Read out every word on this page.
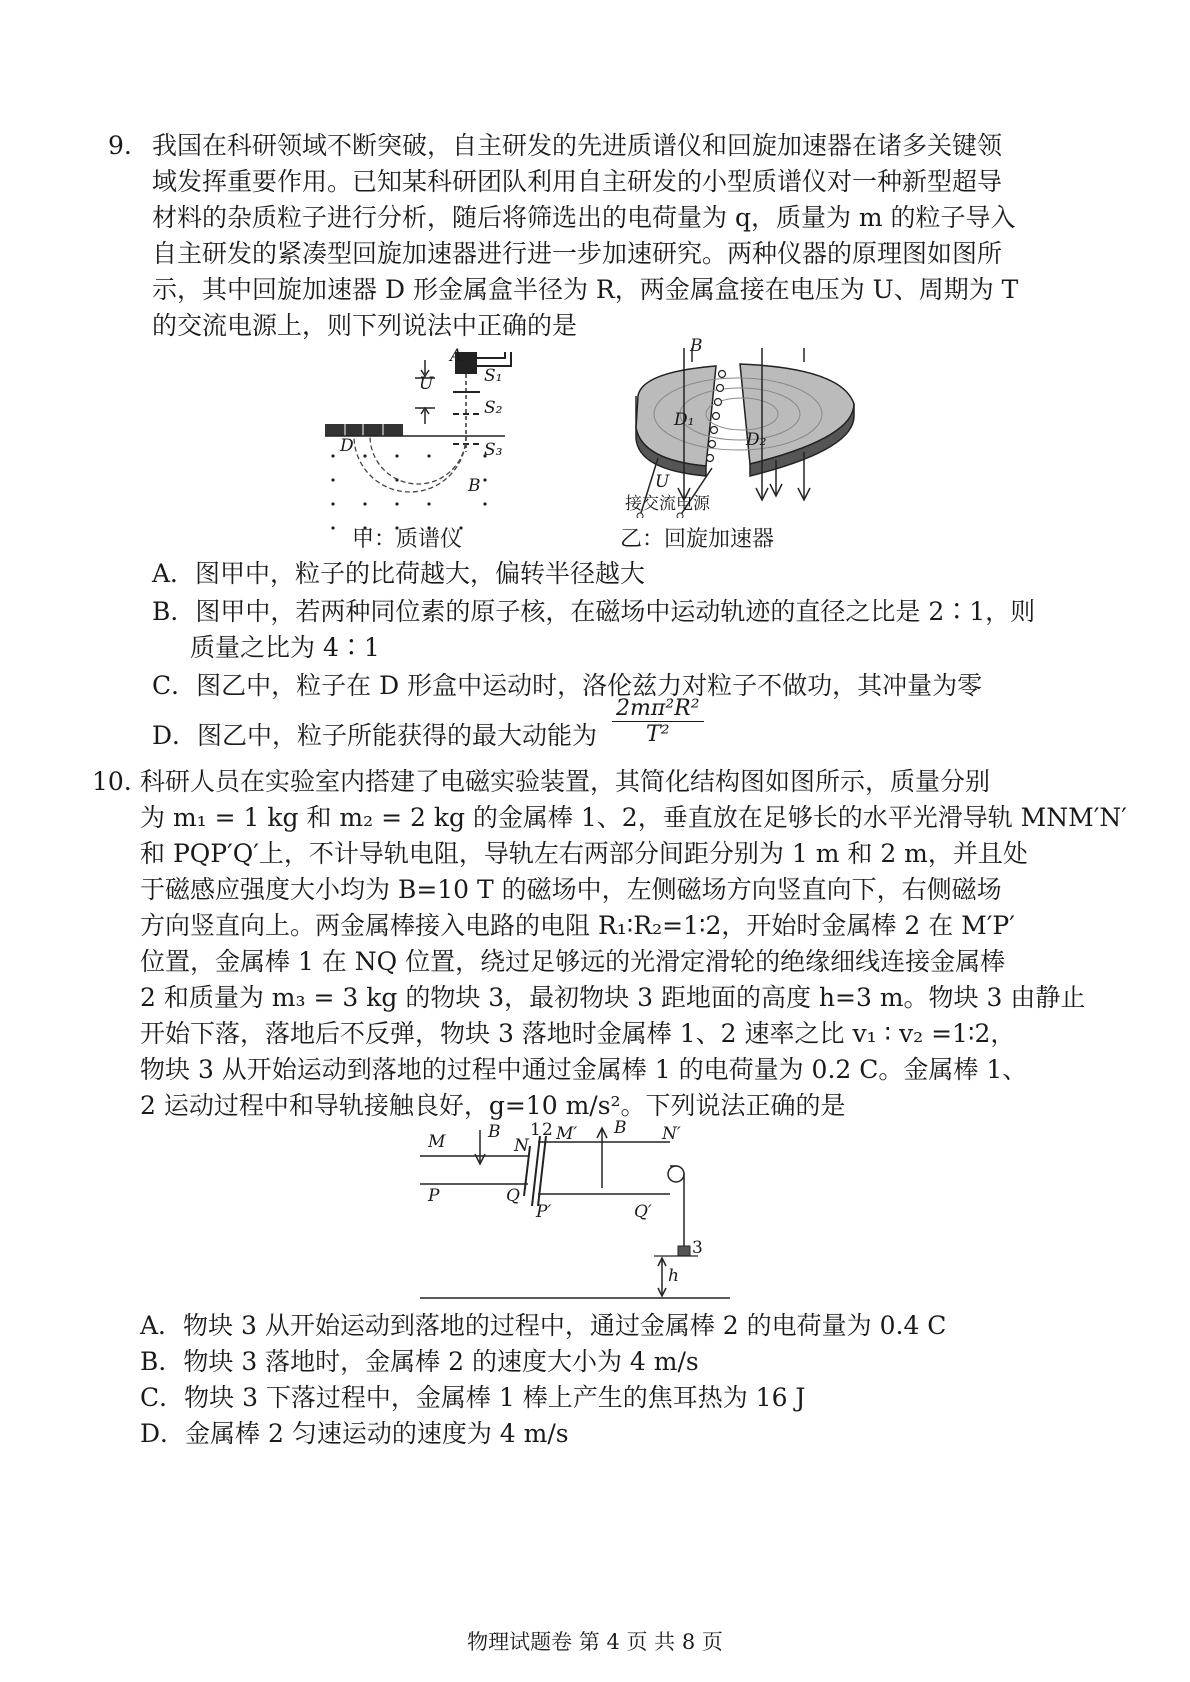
9. 我国在科研领域不断突破，自主研发的先进质谱仪和回旋加速器在诸多关键领
域发挥重要作用。已知某科研团队利用自主研发的小型质谱仪对一种新型超导
材料的杂质粒子进行分析，随后将筛选出的电荷量为 q，质量为 m 的粒子导入
自主研发的紧凑型回旋加速器进行进一步加速研究。两种仪器的原理图如图所
示，其中回旋加速器 D 形金属盒半径为 R，两金属盒接在电压为 U、周期为 T
的交流电源上，则下列说法中正确的是
A
U	S₁
S₂
S₃
D
B
甲：质谱仪
B
D₁
D₂
U
接交流电源
乙：回旋加速器
A．图甲中，粒子的比荷越大，偏转半径越大
B．图甲中，若两种同位素的原子核，在磁场中运动轨迹的直径之比是 2∶1，则
质量之比为 4∶1
C．图乙中，粒子在 D 形盒中运动时，洛伦兹力对粒子不做功，其冲量为零
D．图乙中，粒子所能获得的最大动能为 $\frac{\text{2mπ²R²}}{\text{T²}}$
10. 科研人员在实验室内搭建了电磁实验装置，其简化结构图如图所示，质量分别
为 m₁ = 1 kg 和 m₂ = 2 kg 的金属棒 1、2，垂直放在足够长的水平光滑导轨 MNM′N′
和 PQP′Q′上，不计导轨电阻，导轨左右两部分间距分别为 1 m 和 2 m，并且处
于磁感应强度大小均为 B=10 T 的磁场中，左侧磁场方向竖直向下，右侧磁场
方向竖直向上。两金属棒接入电路的电阻 R₁∶R₂=1∶2，开始时金属棒 2 在 M′P′
位置，金属棒 1 在 NQ 位置，绕过足够远的光滑定滑轮的绝缘细线连接金属棒
2 和质量为 m₃ = 3 kg 的物块 3，最初物块 3 距地面的高度 h=3 m。物块 3 由静止
开始下落，落地后不反弹，物块 3 落地时金属棒 1、2 速率之比 v₁ ∶ v₂ =1∶2，
物块 3 从开始运动到落地的过程中通过金属棒 1 的电荷量为 0.2 C。金属棒 1、
2 运动过程中和导轨接触良好，g=10 m/s²。下列说法正确的是
M	B
N
1 2 M′ B N′
P	Q
P′	Q′
3
h
A．物块 3 从开始运动到落地的过程中，通过金属棒 2 的电荷量为 0.4 C
B．物块 3 落地时，金属棒 2 的速度大小为 4 m/s
C．物块 3 下落过程中，金属棒 1 棒上产生的焦耳热为 16 J
D．金属棒 2 匀速运动的速度为 4 m/s
物理试题卷 第 4 页 共 8 页
